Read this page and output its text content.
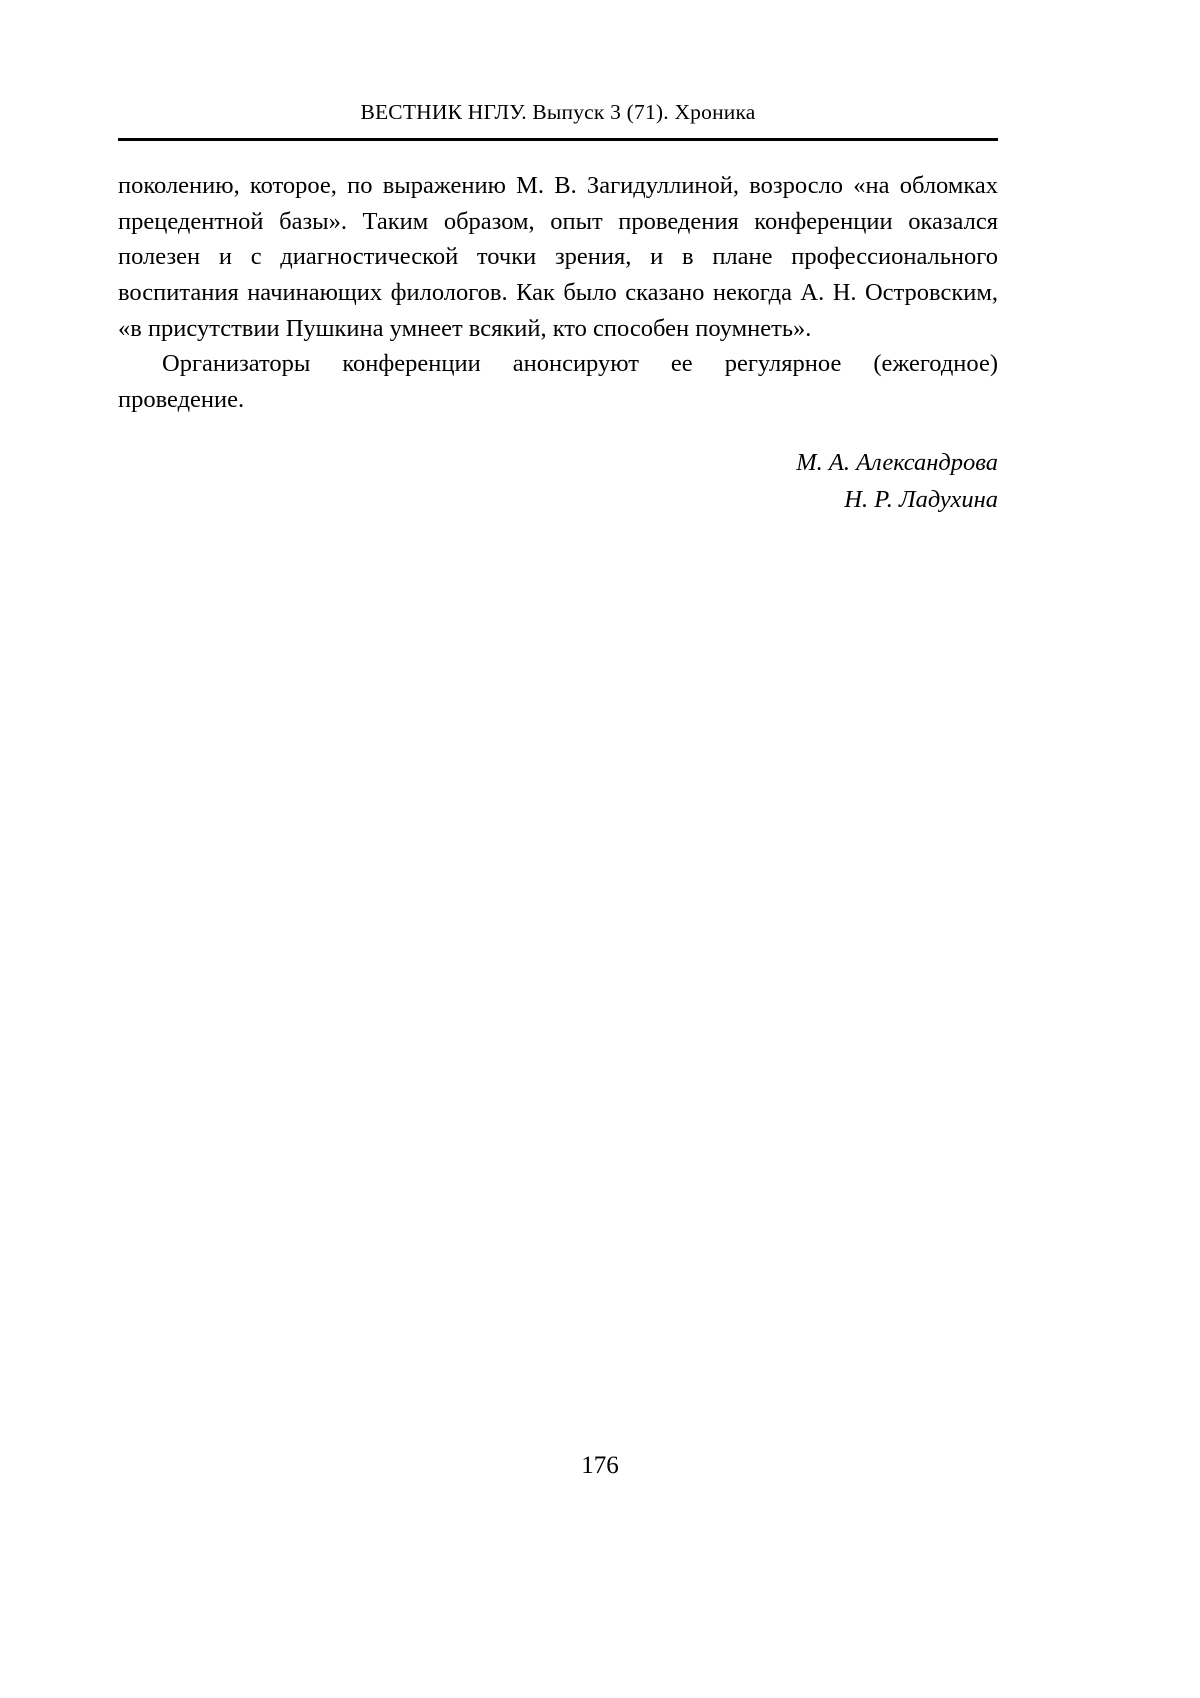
ВЕСТНИК НГЛУ. Выпуск 3 (71). Хроника

поколению, которое, по выражению М. В. Загидуллиной, возросло «на обломках прецедентной базы». Таким образом, опыт проведения конференции оказался полезен и с диагностической точки зрения, и в плане профессионального воспитания начинающих филологов. Как было сказано некогда А. Н. Островским, «в присутствии Пушкина умнеет всякий, кто способен поумнеть».

Организаторы конференции анонсируют ее регулярное (ежегодное) проведение.

М. А. Александрова
Н. Р. Ладухина
176
